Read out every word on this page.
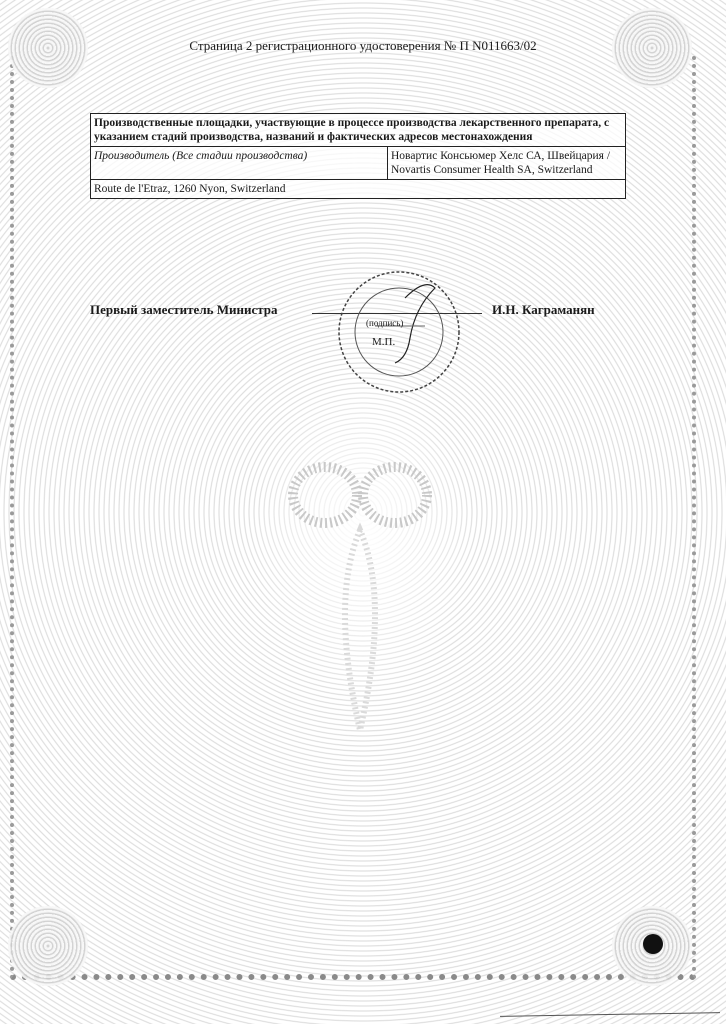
Страница 2 регистрационного удостоверения № П N011663/02
Производственные площадки, участвующие в процессе производства лекарственного препарата, с указанием стадий производства, названий и фактических адресов местонахождения
Производитель (Все стадии производства)	Новартис Консьюмер Хелс СА, Швейцария / Novartis Consumer Health SA, Switzerland
Route de l'Etraz, 1260 Nyon, Switzerland
Первый заместитель Министра	И.Н. Каграманян
(подпись)
М.П.
